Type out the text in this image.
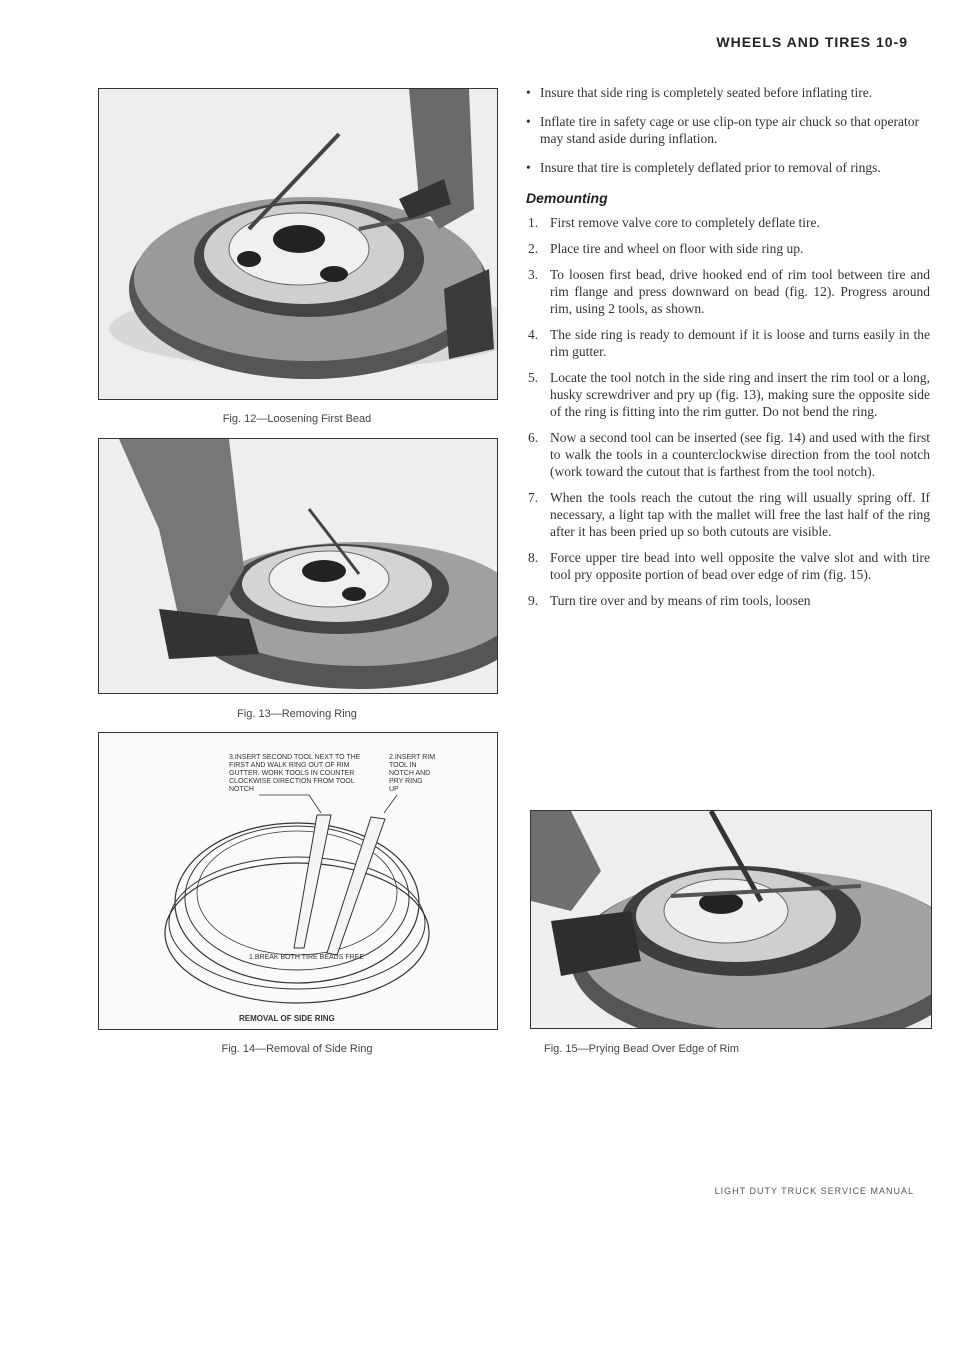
WHEELS AND TIRES 10-9
Fig. 12—Loosening First Bead
Fig. 13—Removing Ring
3.INSERT SECOND TOOL NEXT TO THE
FIRST AND WALK RING OUT OF RIM
GUTTER. WORK TOOLS IN COUNTER
CLOCKWISE DIRECTION FROM TOOL
NOTCH
2.INSERT RIM
TOOL IN
NOTCH AND
PRY RING
UP
1.BREAK BOTH TIRE BEADS FREE
REMOVAL OF SIDE RING
Fig. 14—Removal of Side Ring
• Insure that side ring is completely seated before inflating tire.
• Inflate tire in safety cage or use clip-on type air chuck so that operator may stand aside during inflation.
• Insure that tire is completely deflated prior to removal of rings.
Demounting
1. First remove valve core to completely deflate tire.
2. Place tire and wheel on floor with side ring up.
3. To loosen first bead, drive hooked end of rim tool between tire and rim flange and press downward on bead (fig. 12). Progress around rim, using 2 tools, as shown.
4. The side ring is ready to demount if it is loose and turns easily in the rim gutter.
5. Locate the tool notch in the side ring and insert the rim tool or a long, husky screwdriver and pry up (fig. 13), making sure the opposite side of the ring is fitting into the rim gutter. Do not bend the ring.
6. Now a second tool can be inserted (see fig. 14) and used with the first to walk the tools in a counterclockwise direction from the tool notch (work toward the cutout that is farthest from the tool notch).
7. When the tools reach the cutout the ring will usually spring off. If necessary, a light tap with the mallet will free the last half of the ring after it has been pried up so both cutouts are visible.
8. Force upper tire bead into well opposite the valve slot and with tire tool pry opposite portion of bead over edge of rim (fig. 15).
9. Turn tire over and by means of rim tools, loosen
Fig. 15—Prying Bead Over Edge of Rim
LIGHT DUTY TRUCK SERVICE MANUAL
